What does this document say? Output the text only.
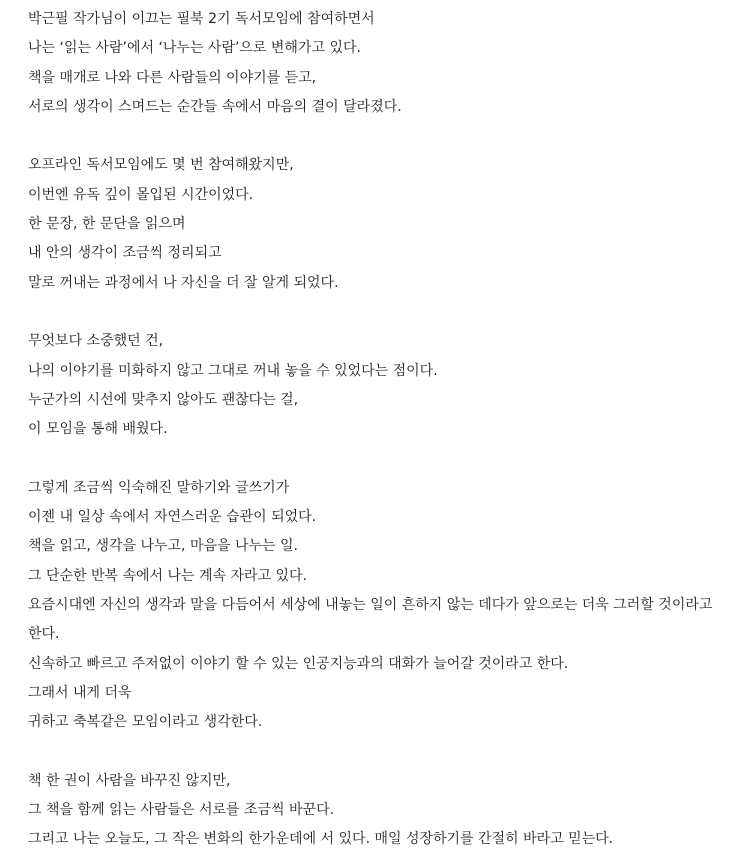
박근필 작가님이 이끄는 필북 2기 독서모임에 참여하면서
나는 ‘읽는 사람’에서 ‘나누는 사람’으로 변해가고 있다.
책을 매개로 나와 다른 사람들의 이야기를 듣고,
서로의 생각이 스며드는 순간들 속에서 마음의 결이 달라졌다.
오프라인 독서모임에도 몇 번 참여해왔지만,
이번엔 유독 깊이 몰입된 시간이었다.
한 문장, 한 문단을 읽으며
내 안의 생각이 조금씩 정리되고
말로 꺼내는 과정에서 나 자신을 더 잘 알게 되었다.
무엇보다 소중했던 건,
나의 이야기를 미화하지 않고 그대로 꺼내 놓을 수 있었다는 점이다.
누군가의 시선에 맞추지 않아도 괜찮다는 걸,
이 모임을 통해 배웠다.
그렇게 조금씩 익숙해진 말하기와 글쓰기가
이젠 내 일상 속에서 자연스러운 습관이 되었다.
책을 읽고, 생각을 나누고, 마음을 나누는 일.
그 단순한 반복 속에서 나는 계속 자라고 있다.
요즘시대엔 자신의 생각과 말을 다듬어서 세상에 내놓는 일이 흔하지 않는 데다가 앞으로는 더욱 그러할 것이라고 한다.
신속하고 빠르고 주저없이 이야기 할 수 있는 인공지능과의 대화가 늘어갈 것이라고 한다.
그래서 내게 더욱
귀하고 축복같은 모임이라고 생각한다.
책 한 권이 사람을 바꾸진 않지만,
그 책을 함께 읽는 사람들은 서로를 조금씩 바꾼다.
그리고 나는 오늘도, 그 작은 변화의 한가운데에 서 있다. 매일 성장하기를 간절히 바라고 믿는다.
